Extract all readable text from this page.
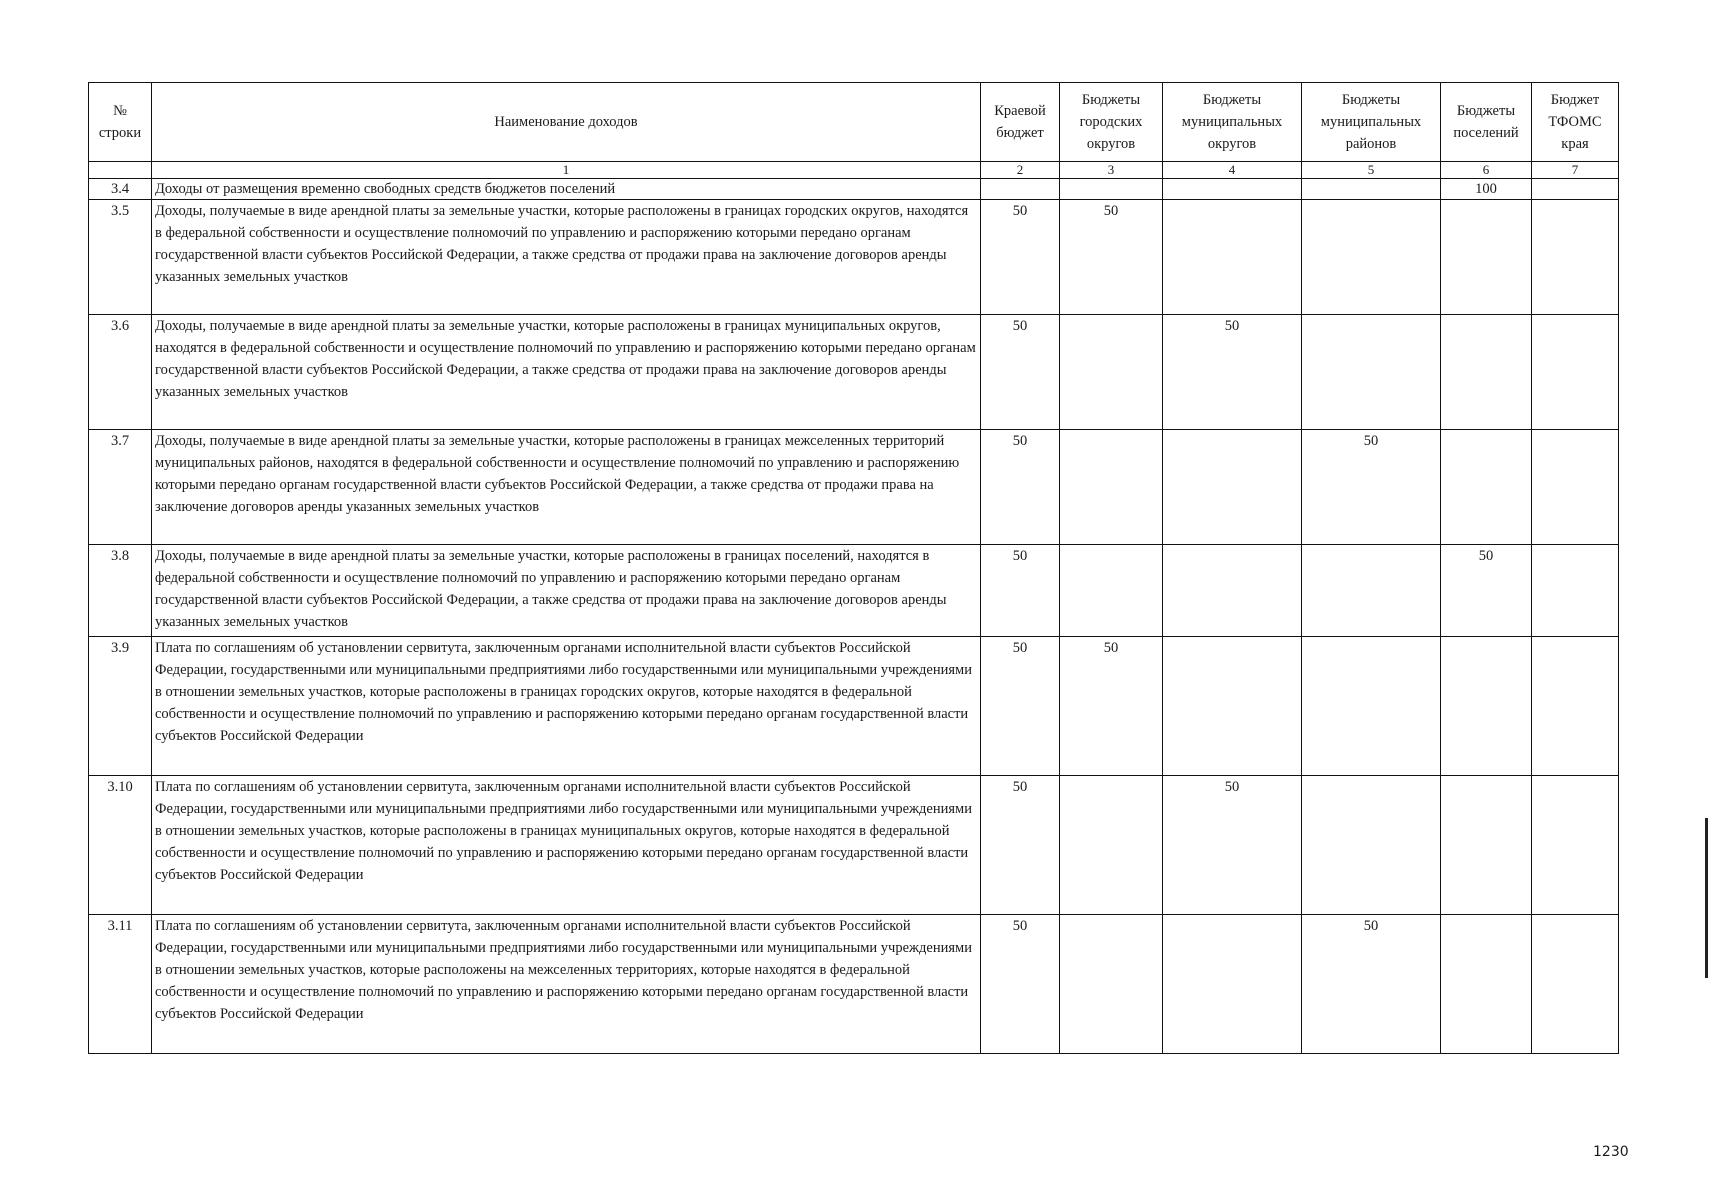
№ строки	Наименование доходов	Краевой бюджет	Бюджеты городских округов	Бюджеты муниципальных округов	Бюджеты муниципальных районов	Бюджеты поселений	Бюджет ТФОМС края
	1	2	3	4	5	6	7
3.4	Доходы от размещения временно свободных средств бюджетов поселений					100	
3.5	Доходы, получаемые в виде арендной платы за земельные участки, которые расположены в границах городских округов, находятся в федеральной собственности и осуществление полномочий по управлению и распоряжению которыми передано органам государственной власти субъектов Российской Федерации, а также средства от продажи права на заключение договоров аренды указанных земельных участков	50	50				
3.6	Доходы, получаемые в виде арендной платы за земельные участки, которые расположены в границах муниципальных округов, находятся в федеральной собственности и осуществление полномочий по управлению и распоряжению которыми передано органам государственной власти субъектов Российской Федерации, а также средства от продажи права на заключение договоров аренды указанных земельных участков	50		50			
3.7	Доходы, получаемые в виде арендной платы за земельные участки, которые расположены в границах межселенных территорий муниципальных районов, находятся в федеральной собственности и осуществление полномочий по управлению и распоряжению которыми передано органам государственной власти субъектов Российской Федерации, а также средства от продажи права на заключение договоров аренды указанных земельных участков	50			50		
3.8	Доходы, получаемые в виде арендной платы за земельные участки, которые расположены в границах поселений, находятся в федеральной собственности и осуществление полномочий по управлению и распоряжению которыми передано органам государственной власти субъектов Российской Федерации, а также средства от продажи права на заключение договоров аренды указанных земельных участков	50				50	
3.9	Плата по соглашениям об установлении сервитута, заключенным органами исполнительной власти субъектов Российской Федерации, государственными или муниципальными предприятиями либо государственными или муниципальными учреждениями в отношении земельных участков, которые расположены в границах городских округов, которые находятся в федеральной собственности и осуществление полномочий по управлению и распоряжению которыми передано органам государственной власти субъектов Российской Федерации	50	50				
3.10	Плата по соглашениям об установлении сервитута, заключенным органами исполнительной власти субъектов Российской Федерации, государственными или муниципальными предприятиями либо государственными или муниципальными учреждениями в отношении земельных участков, которые расположены в границах муниципальных округов, которые находятся в федеральной собственности и осуществление полномочий по управлению и распоряжению которыми передано органам государственной власти субъектов Российской Федерации	50		50			
3.11	Плата по соглашениям об установлении сервитута, заключенным органами исполнительной власти субъектов Российской Федерации, государственными или муниципальными предприятиями либо государственными или муниципальными учреждениями в отношении земельных участков, которые расположены на межселенных территориях, которые находятся в федеральной собственности и осуществление полномочий по управлению и распоряжению которыми передано органам государственной власти субъектов Российской Федерации	50			50		
1230
